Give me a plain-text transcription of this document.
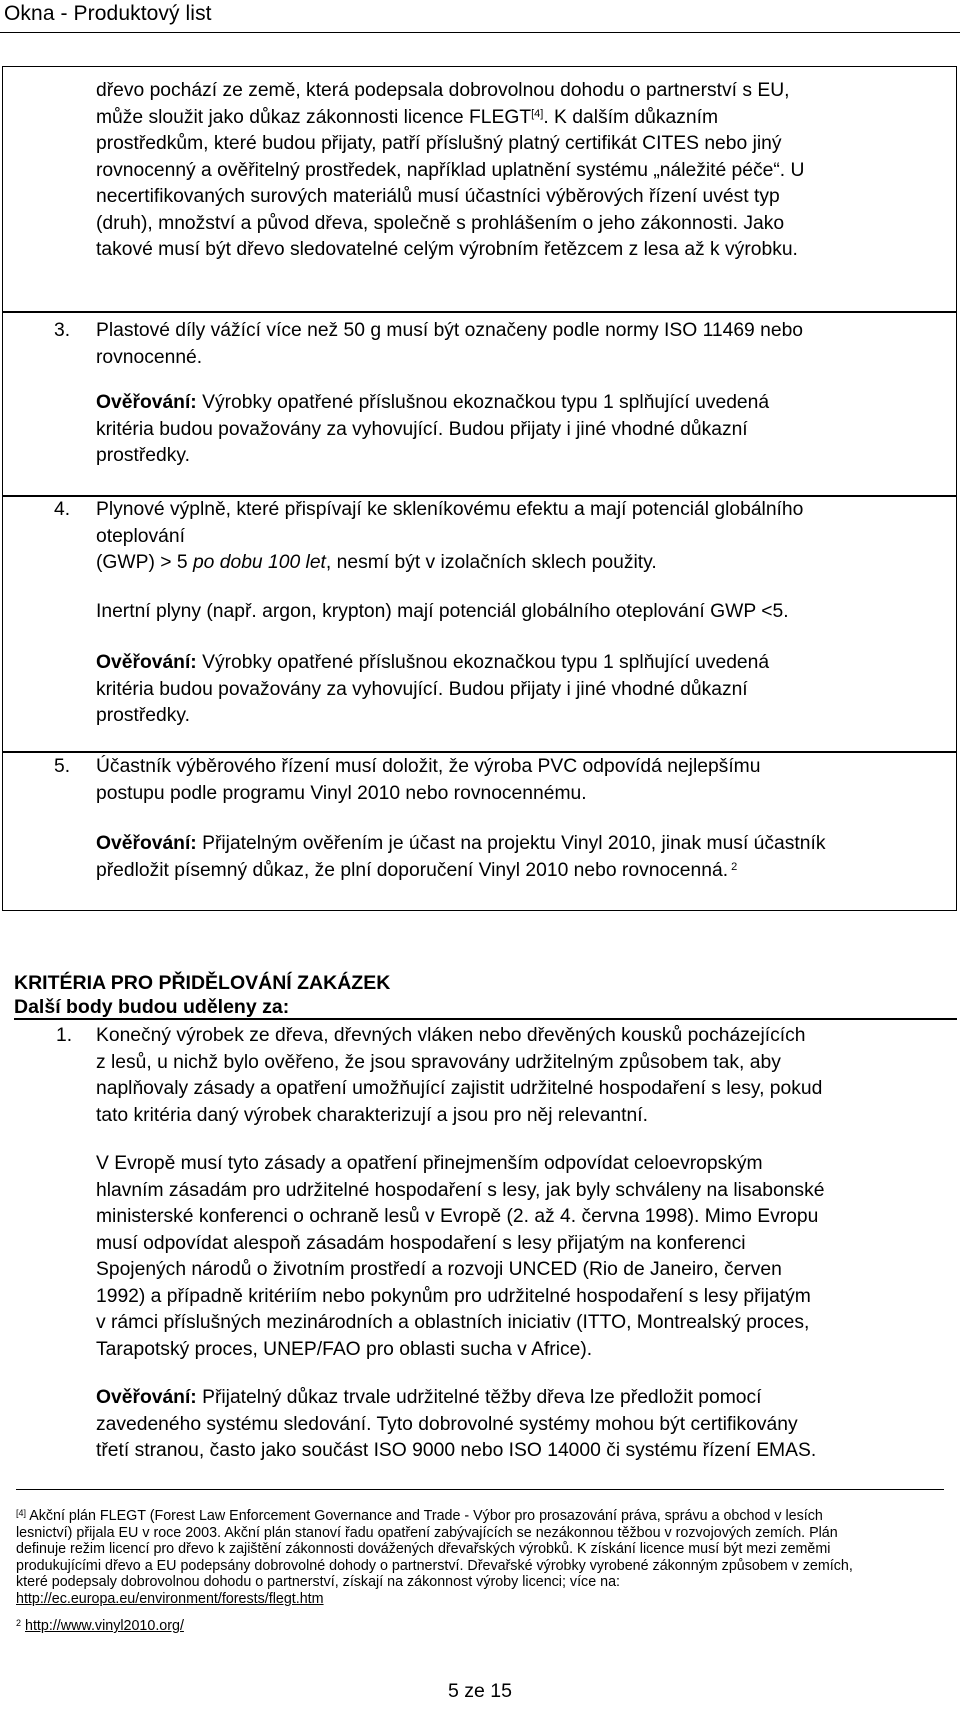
Okna - Produktový list
dřevo pochází ze země, která podepsala dobrovolnou dohodu o partnerství s EU,
může sloužit jako důkaz zákonnosti licence FLEGT[4]. K dalším důkazním
prostředkům, které budou přijaty, patří příslušný platný certifikát CITES nebo jiný
rovnocenný a ověřitelný prostředek, například uplatnění systému „náležité péče“. U
necertifikovaných surových materiálů musí účastníci výběrových řízení uvést typ
(druh), množství a původ dřeva, společně s prohlášením o jeho zákonnosti. Jako
takové musí být dřevo sledovatelné celým výrobním řetězcem z lesa až k výrobku.
3. Plastové díly vážící více než 50 g musí být označeny podle normy ISO 11469 nebo
rovnocenné.
Ověřování: Výrobky opatřené příslušnou ekoznačkou typu 1 splňující uvedená
kritéria budou považovány za vyhovující. Budou přijaty i jiné vhodné důkazní
prostředky.
4. Plynové výplně, které přispívají ke skleníkovému efektu a mají potenciál globálního
oteplování
(GWP) > 5 po dobu 100 let, nesmí být v izolačních sklech použity.
Inertní plyny (např. argon, krypton) mají potenciál globálního oteplování GWP <5.
Ověřování: Výrobky opatřené příslušnou ekoznačkou typu 1 splňující uvedená
kritéria budou považovány za vyhovující. Budou přijaty i jiné vhodné důkazní
prostředky.
5. Účastník výběrového řízení musí doložit, že výroba PVC odpovídá nejlepšímu
postupu podle programu Vinyl 2010 nebo rovnocennému.
Ověřování: Přijatelným ověřením je účast na projektu Vinyl 2010, jinak musí účastník
předložit písemný důkaz, že plní doporučení Vinyl 2010 nebo rovnocenná. $^2$
KRITÉRIA PRO PŘIDĚLOVÁNÍ ZAKÁZEK
Další body budou uděleny za:
1. Konečný výrobek ze dřeva, dřevných vláken nebo dřevěných kousků pocházejících
z lesů, u nichž bylo ověřeno, že jsou spravovány udržitelným způsobem tak, aby
naplňovaly zásady a opatření umožňující zajistit udržitelné hospodaření s lesy, pokud
tato kritéria daný výrobek charakterizují a jsou pro něj relevantní.
V Evropě musí tyto zásady a opatření přinejmenším odpovídat celoevropským
hlavním zásadám pro udržitelné hospodaření s lesy, jak byly schváleny na lisabonské
ministerské konferenci o ochraně lesů v Evropě (2. až 4. června 1998). Mimo Evropu
musí odpovídat alespoň zásadám hospodaření s lesy přijatým na konferenci
Spojených národů o životním prostředí a rozvoji UNCED (Rio de Janeiro, červen
1992) a případně kritériím nebo pokynům pro udržitelné hospodaření s lesy přijatým
v rámci příslušných mezinárodních a oblastních iniciativ (ITTO, Montrealský proces,
Tarapotský proces, UNEP/FAO pro oblasti sucha v Africe).
Ověřování: Přijatelný důkaz trvale udržitelné těžby dřeva lze předložit pomocí
zavedeného systému sledování. Tyto dobrovolné systémy mohou být certifikovány
třetí stranou, často jako součást ISO 9000 nebo ISO 14000 či systému řízení EMAS.
[4] Akční plán FLEGT (Forest Law Enforcement Governance and Trade - Výbor pro prosazování práva, správu a obchod v lesích
lesnictví) přijala EU v roce 2003. Akční plán stanoví řadu opatření zabývajících se nezákonnou těžbou v rozvojových zemích. Plán
definuje režim licencí pro dřevo k zajištění zákonnosti dovážených dřevařských výrobků. K získání licence musí být mezi zeměmi
produkujícími dřevo a EU podepsány dobrovolné dohody o partnerství. Dřevařské výrobky vyrobené zákonným způsobem v zemích,
které podepsaly dobrovolnou dohodu o partnerství, získají na zákonnost výroby licenci; více na:
http://ec.europa.eu/environment/forests/flegt.htm
$^2$ http://www.vinyl2010.org/
5 ze 15
